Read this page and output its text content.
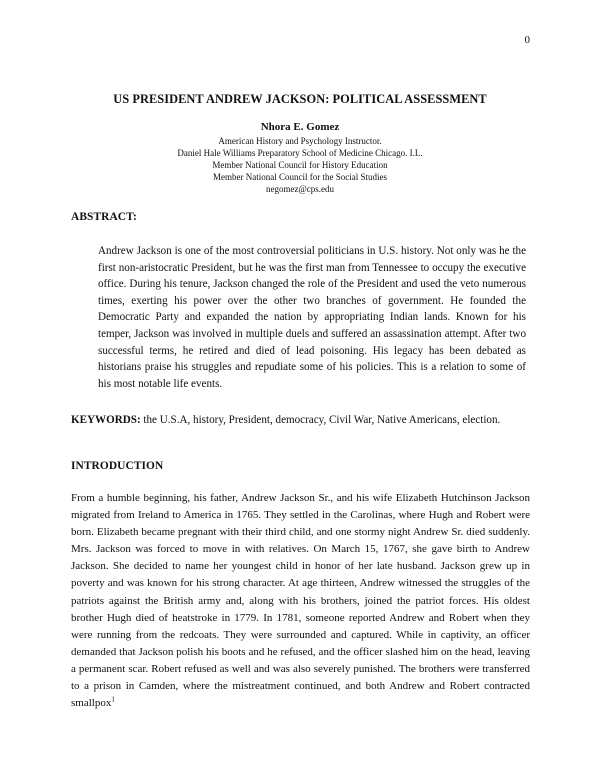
0
US PRESIDENT ANDREW JACKSON: POLITICAL ASSESSMENT
Nhora E. Gomez
American History and Psychology Instructor.
Daniel Hale Williams Preparatory School of Medicine Chicago. I.L.
Member National Council for History Education
Member National Council for the Social Studies
negomez@cps.edu
ABSTRACT:
Andrew Jackson is one of the most controversial politicians in U.S. history. Not only was he the first non-aristocratic President, but he was the first man from Tennessee to occupy the executive office. During his tenure, Jackson changed the role of the President and used the veto numerous times, exerting his power over the other two branches of government. He founded the Democratic Party and expanded the nation by appropriating Indian lands. Known for his temper, Jackson was involved in multiple duels and suffered an assassination attempt. After two successful terms, he retired and died of lead poisoning. His legacy has been debated as historians praise his struggles and repudiate some of his policies. This is a relation to some of his most notable life events.
KEYWORDS: the U.S.A, history, President, democracy, Civil War, Native Americans, election.
INTRODUCTION
From a humble beginning, his father, Andrew Jackson Sr., and his wife Elizabeth Hutchinson Jackson migrated from Ireland to America in 1765. They settled in the Carolinas, where Hugh and Robert were born. Elizabeth became pregnant with their third child, and one stormy night Andrew Sr. died suddenly. Mrs. Jackson was forced to move in with relatives. On March 15, 1767, she gave birth to Andrew Jackson. She decided to name her youngest child in honor of her late husband. Jackson grew up in poverty and was known for his strong character. At age thirteen, Andrew witnessed the struggles of the patriots against the British army and, along with his brothers, joined the patriot forces. His oldest brother Hugh died of heatstroke in 1779. In 1781, someone reported Andrew and Robert when they were running from the redcoats. They were surrounded and captured. While in captivity, an officer demanded that Jackson polish his boots and he refused, and the officer slashed him on the head, leaving a permanent scar. Robert refused as well and was also severely punished. The brothers were transferred to a prison in Camden, where the mistreatment continued, and both Andrew and Robert contracted smallpox$^1$
